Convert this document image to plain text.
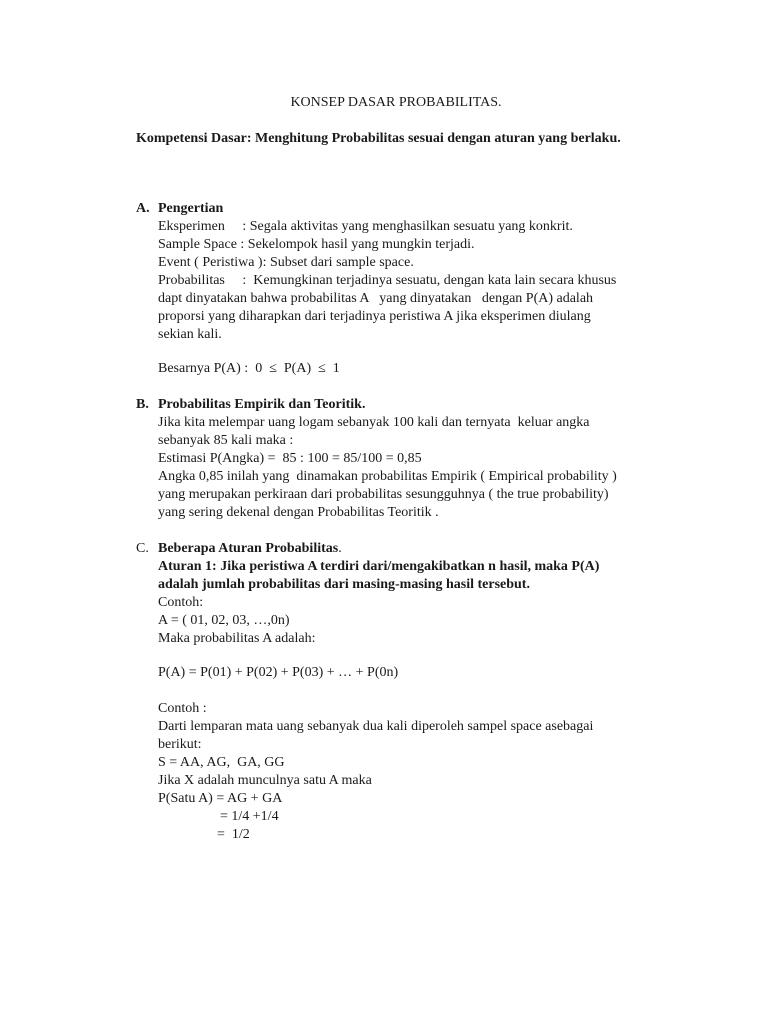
KONSEP DASAR PROBABILITAS.
Kompetensi Dasar: Menghitung Probabilitas sesuai dengan aturan yang berlaku.
A. Pengertian
Eksperimen     : Segala aktivitas yang menghasilkan sesuatu yang konkrit.
Sample Space : Sekelompok hasil yang mungkin terjadi.
Event ( Peristiwa ): Subset dari sample space.
Probabilitas     :  Kemungkinan terjadinya sesuatu, dengan kata lain secara khusus
dapt dinyatakan bahwa probabilitas A   yang dinyatakan   dengan P(A) adalah
proporsi yang diharapkan dari terjadinya peristiwa A jika eksperimen diulang
sekian kali.
Besarnya P(A) :  0  ≤  P(A)  ≤  1
B. Probabilitas Empirik dan Teoritik.
Jika kita melempar uang logam sebanyak 100 kali dan ternyata  keluar angka
sebanyak 85 kali maka :
Estimasi P(Angka) =  85 : 100 = 85/100 = 0,85
Angka 0,85 inilah yang  dinamakan probabilitas Empirik ( Empirical probability )
yang merupakan perkiraan dari probabilitas sesungguhnya ( the true probability)
yang sering dekenal dengan Probabilitas Teoritik .
C. Beberapa Aturan Probabilitas.
Aturan 1: Jika peristiwa A terdiri dari/mengakibatkan n hasil, maka P(A)
adalah jumlah probabilitas dari masing-masing hasil tersebut.
Contoh:
A = ( 01, 02, 03, …,0n)
Maka probabilitas A adalah:
P(A) = P(01) + P(02) + P(03) + … + P(0n)
Contoh :
Darti lemparan mata uang sebanyak dua kali diperoleh sampel space asebagai
berikut:
S = AA, AG,  GA, GG
Jika X adalah munculnya satu A maka
P(Satu A) = AG + GA
= 1/4 +1/4
=  1/2
